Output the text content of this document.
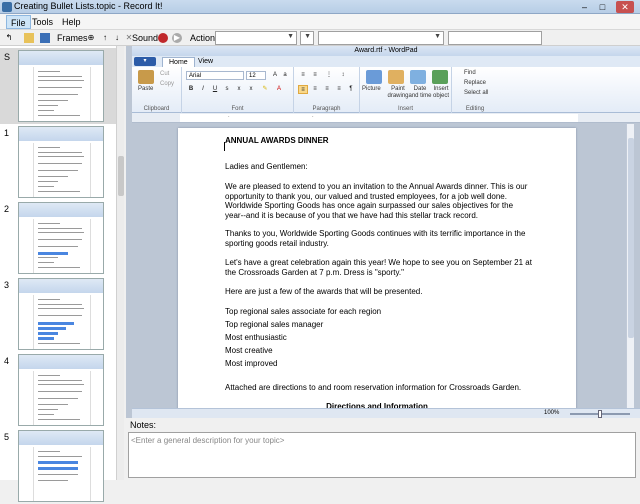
Creating Bullet Lists.topic - Record It!	–	□	✕
File Tools Help
↰	Frames ⊕	↑	↓ ✕ Sound ▶ Action	▼ ▼	▼
S
1
2
3
4
5
Award.rtf - WordPad
▾	Home	View
Paste
Cut
Copy
Clipboard
Arial	12	A	a
B	I	U	s	x	x	✎	A
Font
≡	≡	⋮	↕
≡	≡	≡	≡	¶
Paragraph
Picture	Paint drawing
Date and time
Insert object
Insert
Find
Replace
Select all
Editing
·	·
ANNUAL AWARDS DINNER
Ladies and Gentlemen:
We are pleased to extend to you an invitation to the Annual Awards dinner. This is our
opportunity to thank you, our valued and trusted employees, for a job well done.
Worldwide Sporting Goods has once again surpassed our sales objectives for the
year--and it is because of you that we have had this stellar track record.
Thanks to you, Worldwide Sporting Goods continues with its terrific importance in the
sporting goods retail industry.
Let's have a great celebration again this year! We hope to see you on September 21 at
the Crossroads Garden at 7 p.m. Dress is "sporty."
Here are just a few of the awards that will be presented.
Top regional sales associate for each region
Top regional sales manager
Most enthusiastic
Most creative
Most improved
Attached are directions to and room reservation information for Crossroads Garden.
Directions and Information
100%
Notes:
<Enter a general description for your topic>
